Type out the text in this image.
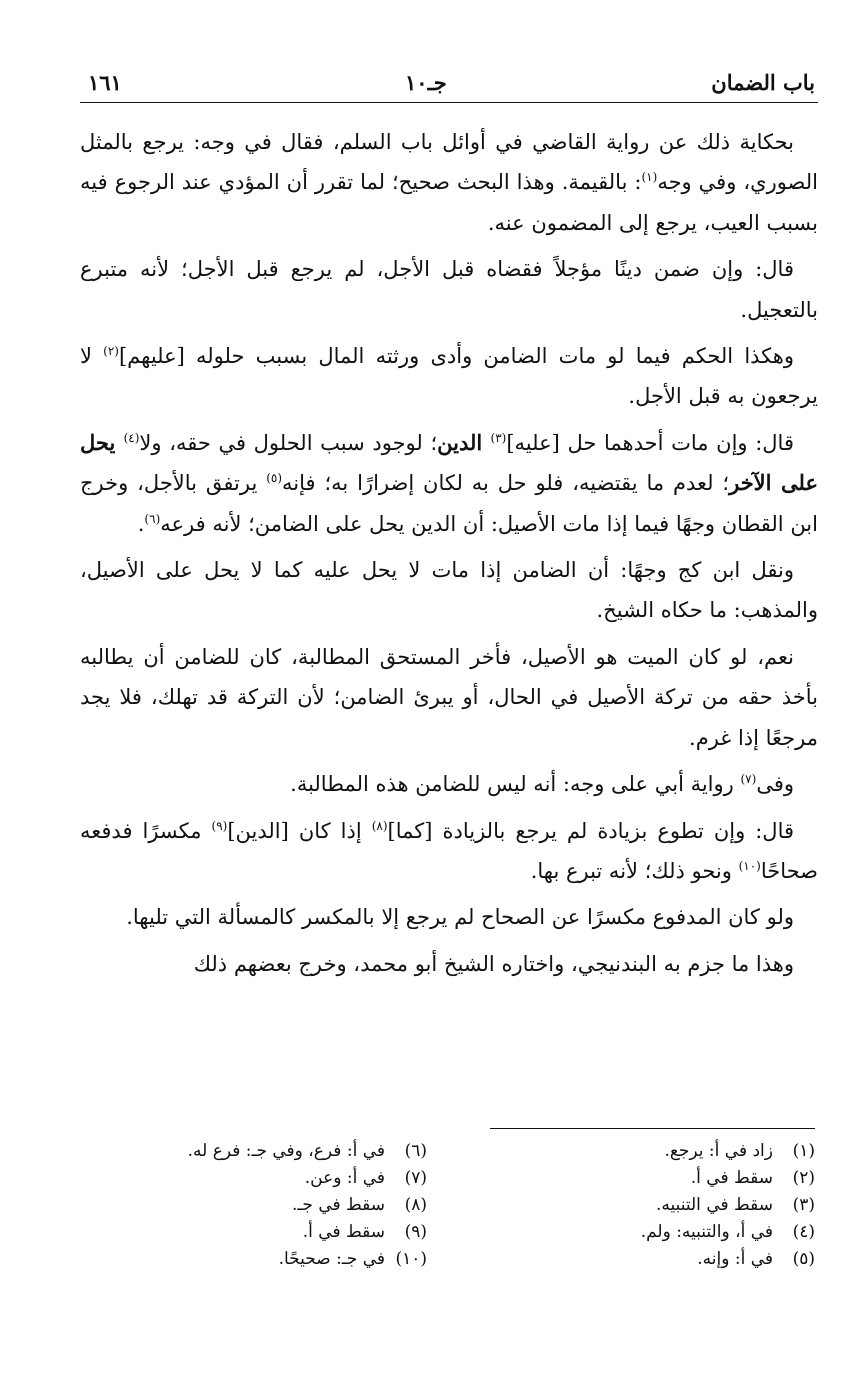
باب الضمان
جـ١٠
١٦١

بحكاية ذلك عن رواية القاضي في أوائل باب السلم، فقال في وجه: يرجع بالمثل الصوري، وفي وجه$^{(١)}$: بالقيمة. وهذا البحث صحيح؛ لما تقرر أن المؤدي عند الرجوع فيه بسبب العيب، يرجع إلى المضمون عنه.

قال: وإن ضمن دينًا مؤجلاً فقضاه قبل الأجل، لم يرجع قبل الأجل؛ لأنه متبرع بالتعجيل.

وهكذا الحكم فيما لو مات الضامن وأدى ورثته المال بسبب حلوله [عليهم]$^{(٢)}$ لا يرجعون به قبل الأجل.

قال: وإن مات أحدهما حل [عليه]$^{(٣)}$ الدين؛ لوجود سبب الحلول في حقه، ولا$^{(٤)}$ يحل على الآخر؛ لعدم ما يقتضيه، فلو حل به لكان إضرارًا به؛ فإنه$^{(٥)}$ يرتفق بالأجل، وخرج ابن القطان وجهًا فيما إذا مات الأصيل: أن الدين يحل على الضامن؛ لأنه فرعه$^{(٦)}$.

ونقل ابن كج وجهًا: أن الضامن إذا مات لا يحل عليه كما لا يحل على الأصيل، والمذهب: ما حكاه الشيخ.

نعم، لو كان الميت هو الأصيل، فأخر المستحق المطالبة، كان للضامن أن يطالبه بأخذ حقه من تركة الأصيل في الحال، أو يبرئ الضامن؛ لأن التركة قد تهلك، فلا يجد مرجعًا إذا غرم.

وفى$^{(٧)}$ رواية أبي على وجه: أنه ليس للضامن هذه المطالبة.

قال: وإن تطوع بزيادة لم يرجع بالزيادة [كما]$^{(٨)}$ إذا كان [الدين]$^{(٩)}$ مكسرًا فدفعه صحاحًا$^{(١٠)}$ ونحو ذلك؛ لأنه تبرع بها.

ولو كان المدفوع مكسرًا عن الصحاح لم يرجع إلا بالمكسر كالمسألة التي تليها.

وهذا ما جزم به البندنيجي، واختاره الشيخ أبو محمد، وخرج بعضهم ذلك

(١)
زاد في أ: يرجع.
(٢)
سقط في أ.
(٣)
سقط في التنبيه.
(٤)
في أ، والتنبيه: ولم.
(٥)
في أ: وإنه.
(٦)
في أ: فرع، وفي جـ: فرع له.
(٧)
في أ: وعن.
(٨)
سقط في جـ.
(٩)
سقط في أ.
(١٠)
في جـ: صحيحًا.
